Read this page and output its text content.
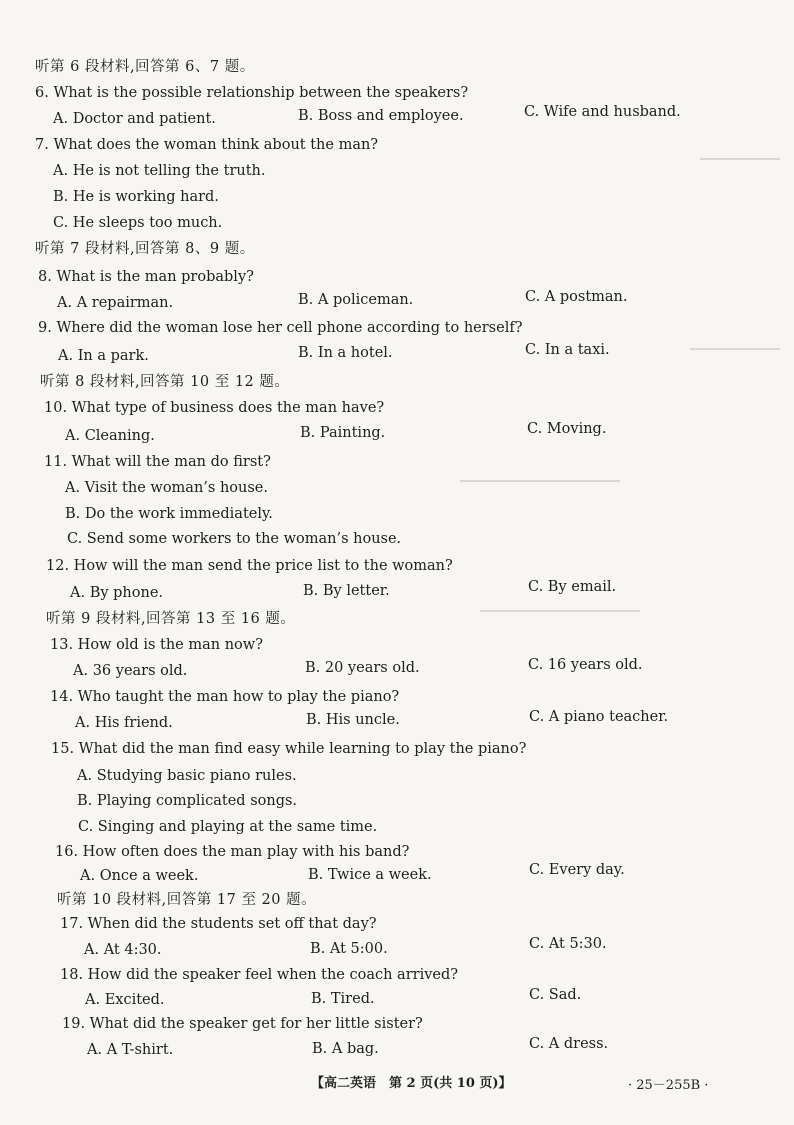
听第 6 段材料,回答第 6、7 题。
6. What is the possible relationship between the speakers?
A. Doctor and patient.	B. Boss and employee.	C. Wife and husband.
7. What does the woman think about the man?
A. He is not telling the truth.
B. He is working hard.
C. He sleeps too much.
听第 7 段材料,回答第 8、9 题。
8. What is the man probably?
A. A repairman.	B. A policeman.	C. A postman.
9. Where did the woman lose her cell phone according to herself?
A. In a park.	B. In a hotel.	C. In a taxi.
听第 8 段材料,回答第 10 至 12 题。
10. What type of business does the man have?
A. Cleaning.	B. Painting.	C. Moving.
11. What will the man do first?
A. Visit the woman’s house.
B. Do the work immediately.
C. Send some workers to the woman’s house.
12. How will the man send the price list to the woman?
A. By phone.	B. By letter.	C. By email.
听第 9 段材料,回答第 13 至 16 题。
13. How old is the man now?
A. 36 years old.	B. 20 years old.	C. 16 years old.
14. Who taught the man how to play the piano?
A. His friend.	B. His uncle.	C. A piano teacher.
15. What did the man find easy while learning to play the piano?
A. Studying basic piano rules.
B. Playing complicated songs.
C. Singing and playing at the same time.
16. How often does the man play with his band?
A. Once a week.	B. Twice a week.	C. Every day.
听第 10 段材料,回答第 17 至 20 题。
17. When did the students set off that day?
A. At 4:30.	B. At 5:00.	C. At 5:30.
18. How did the speaker feel when the coach arrived?
A. Excited.	B. Tired.	C. Sad.
19. What did the speaker get for her little sister?
A. A T-shirt.	B. A bag.	C. A dress.
【高二英语　第 2 页(共 10 页)】	· 25－255B ·
